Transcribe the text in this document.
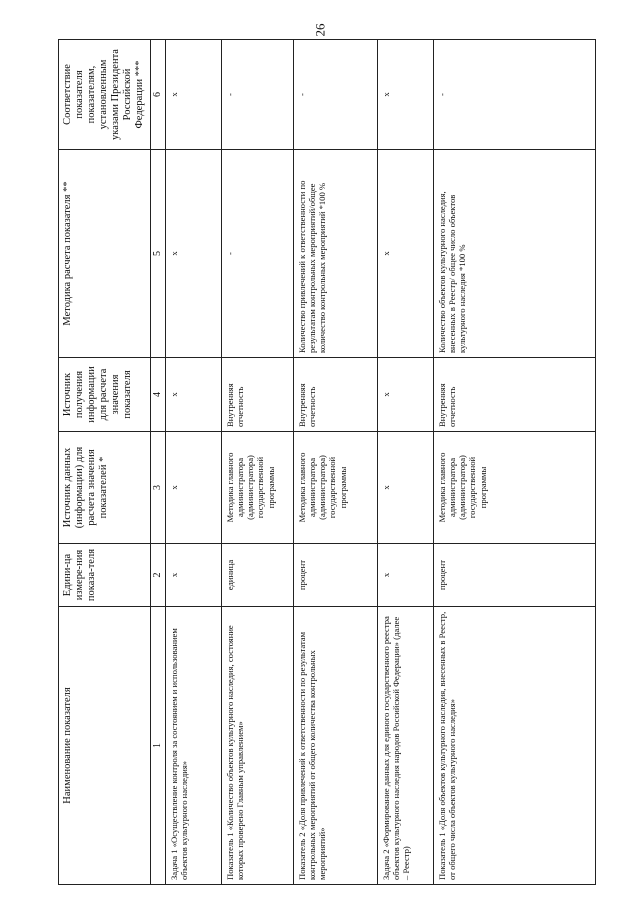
26
Наименование показателя	Едини-ца измере-ния показа-теля	Источник данных (информации) для расчета значения показателей *	Источник получения информации для расчета значения показателя	Методика расчета показателя **	Соответствие показателя показателям, установленным указами Президента Российской Федерации ***
1	2	3	4	5	6
Задача 1 «Осуществление контроля за состоянием и использованием объектов культурного наследия»	х	х	х	х	х
Показатель 1 «Количество объектов культурного наследия, состояние которых проверено Главным управлением»	единица	Методика главного администратора (администратора) государственной программы	Внутренняя отчетность	-	-
Показатель 2 «Доля привлечений к ответственности по результатам контрольных мероприятий от общего количества контрольных мероприятий»	процент	Методика главного администратора (администратора) государственной программы	Внутренняя отчетность	Количество привлечений к ответственности по результатам контрольных мероприятий/общее количество контрольных мероприятий *100 %	-
Задача 2 «Формирование данных для единого государственного реестра объектов культурного наследия народов Российской Федерации» (далее – Реестр)	х	х	х	х	х
Показатель 1 «Доля объектов культурного наследия, внесенных в Реестр, от общего числа объектов культурного наследия»	процент	Методика главного администратора (администратора) государственной программы	Внутренняя отчетность	Количество объектов культурного наследия, внесенных в Реестр/ общее число объектов культурного наследия *100 %	-
